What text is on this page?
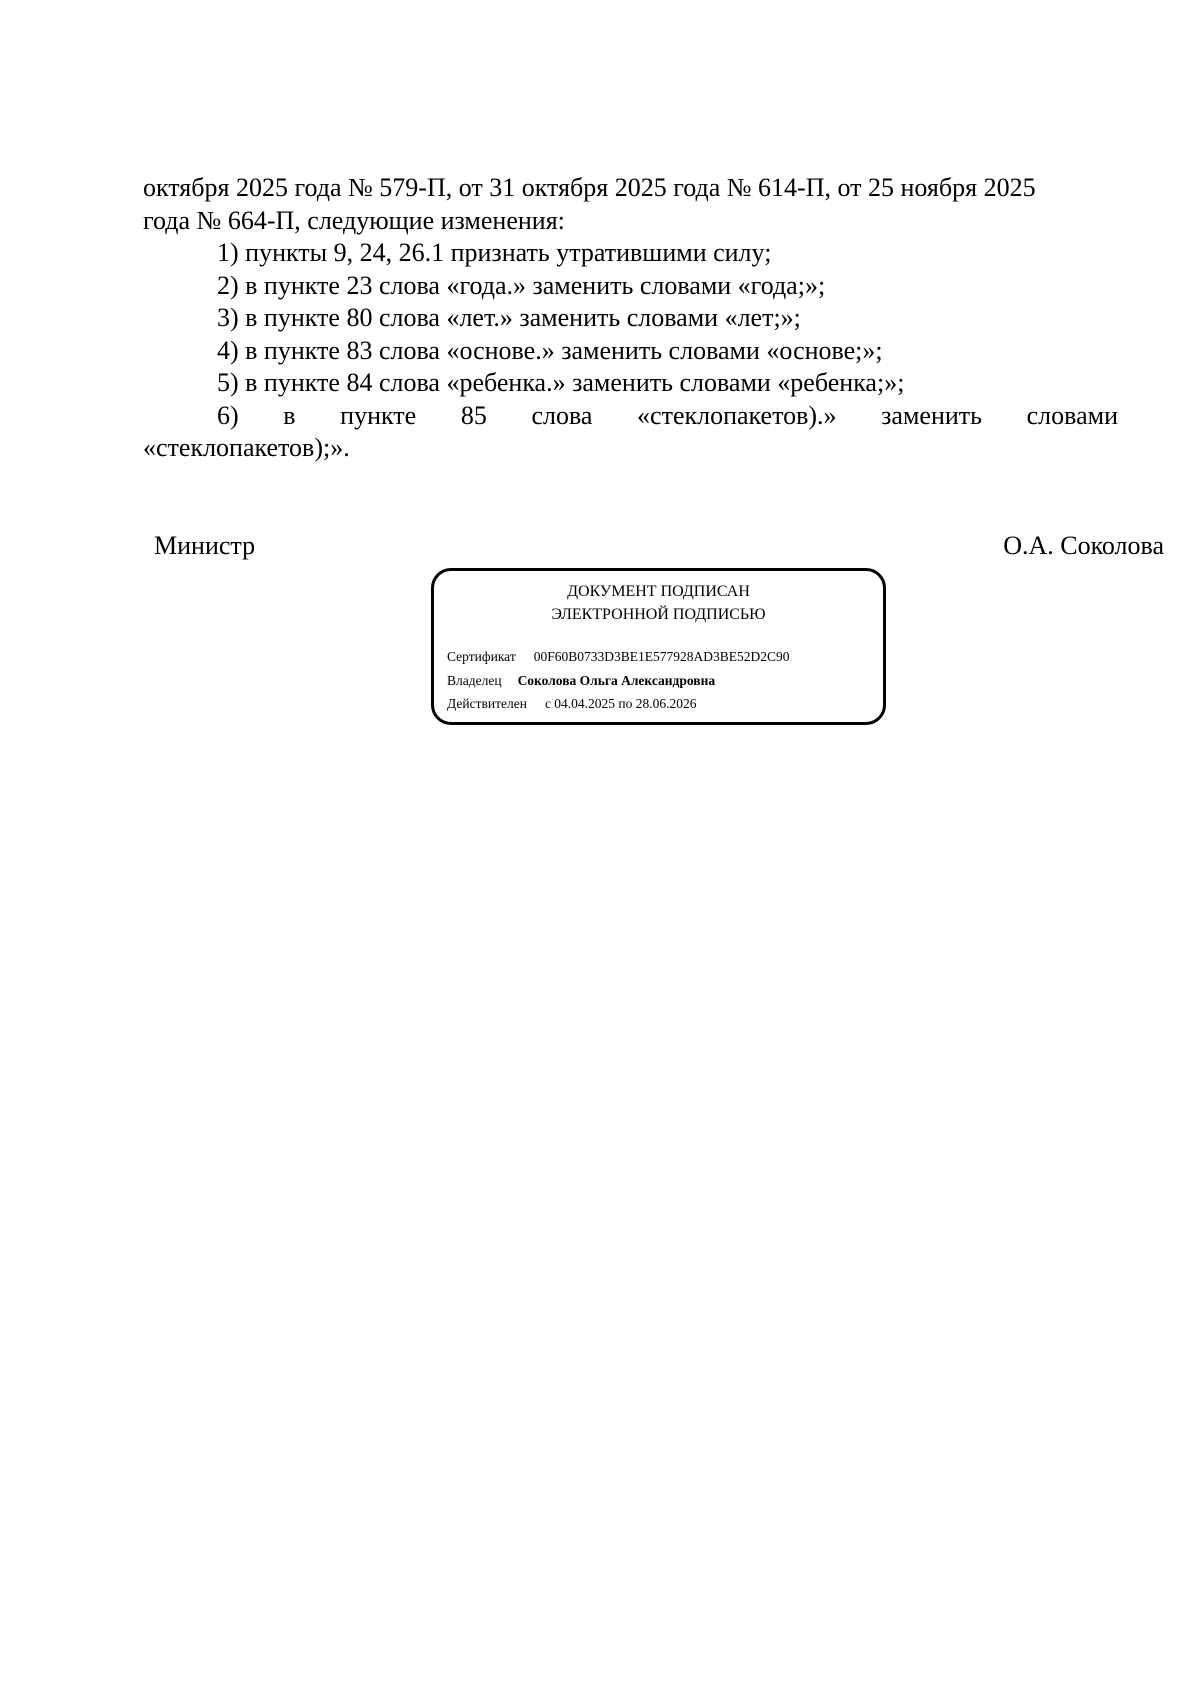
октября 2025 года № 579-П, от 31 октября 2025 года № 614-П, от 25 ноября 2025

года № 664-П, следующие изменения:

1) пункты 9, 24, 26.1 признать утратившими силу;

2) в пункте 23 слова «года.» заменить словами «года;»;

3) в пункте 80 слова «лет.» заменить словами «лет;»;

4) в пункте 83 слова «основе.» заменить словами «основе;»;

5) в пункте 84 слова «ребенка.» заменить словами «ребенка;»;

6) в пункте 85 слова «стеклопакетов).» заменить словами

«стеклопакетов);».

Министр	О.А. Соколова
ДОКУМЕНТ ПОДПИСАН
ЭЛЕКТРОННОЙ ПОДПИСЬЮ
Сертификат 00F60B0733D3BE1E577928AD3BE52D2C90
Владелец Соколова Ольга Александровна
Действителен с 04.04.2025 по 28.06.2026
